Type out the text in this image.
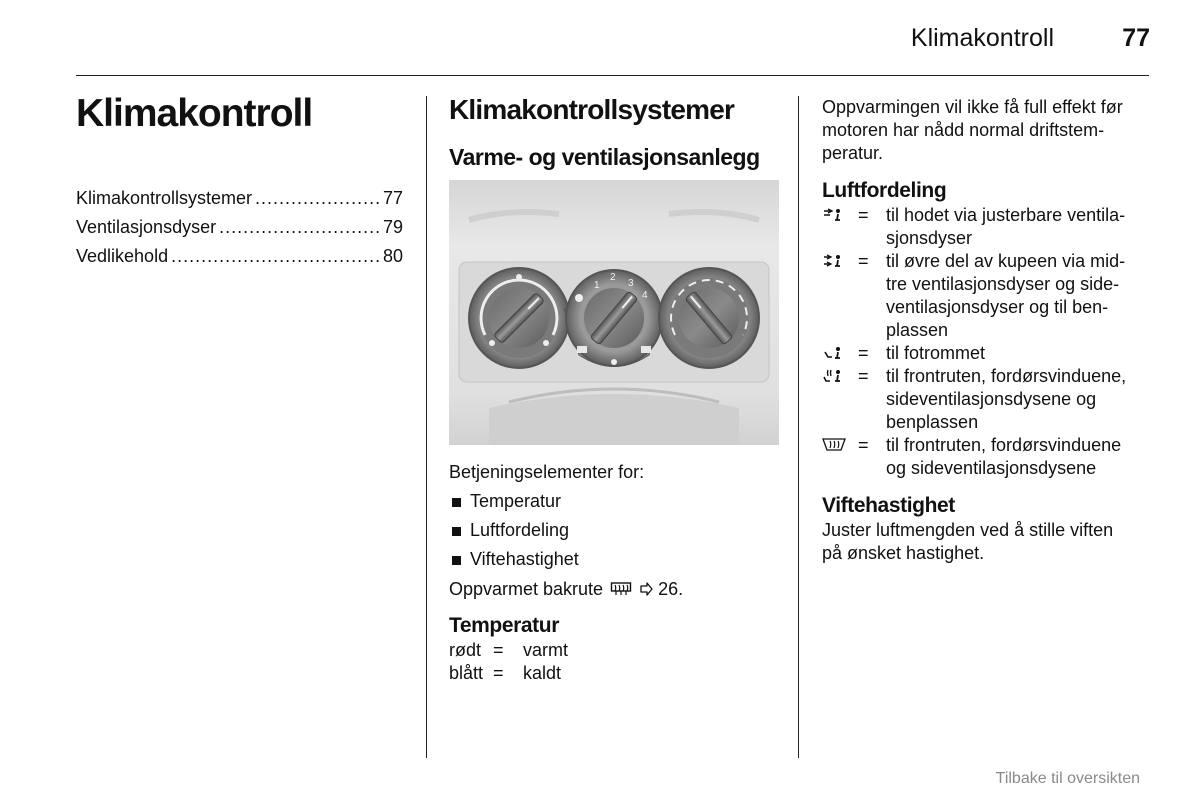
Klimakontroll	77
Klimakontroll
Klimakontrollsystemer .....	77
Ventilasjonsdyser .....	79
Vedlikehold .....	80
Klimakontrollsystemer
Varme- og ventilasjonsanlegg
1
2
3
4

Betjeningselementer for:

Temperatur
Luftfordeling
Viftehastighet
Oppvarmet bakrute	26.
Temperatur
rødt =	varmt
blått =	kaldt

Oppvarmingen vil ikke få full effekt før

motoren har nådd normal driftstem-

peratur.

Luftfordeling
= til hodet via justerbare ventila-
sjonsdyser
= til øvre del av kupeen via mid-
tre ventilasjonsdyser og side-
ventilasjonsdyser og til ben-
plassen
= til fotrommet
= til frontruten, fordørsvinduene,
sideventilasjonsdysene og
benplassen
= til frontruten, fordørsvinduene
og sideventilasjonsdysene
Viftehastighet

Juster luftmengden ved å stille viften

på ønsket hastighet.

Tilbake til oversikten
